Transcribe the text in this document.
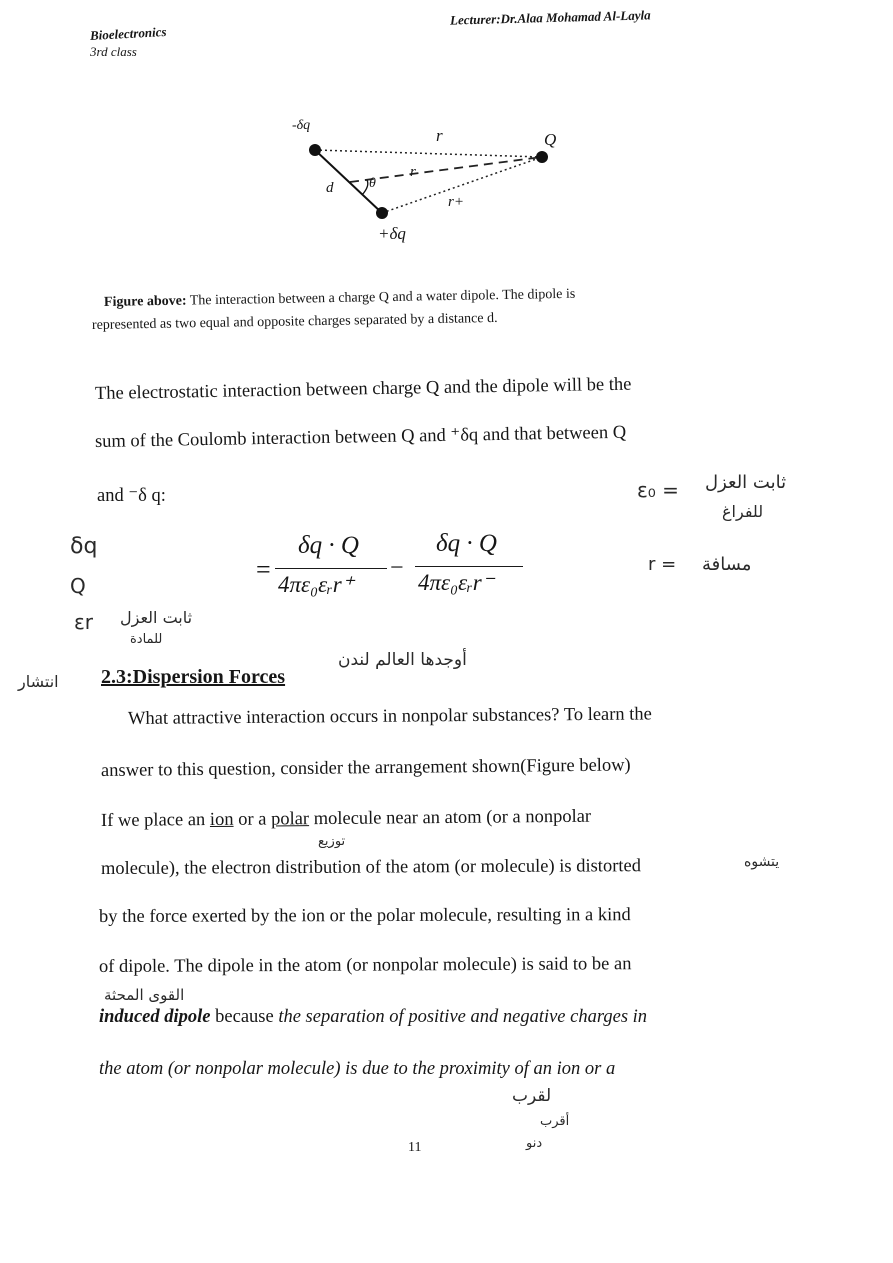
Bioelectronics
3rd class
Lecturer:Dr.Alaa Mohamad Al-Layla
-δq
+δq
Q
r
r
r+
d	θ
Figure above: The interaction between a charge Q and a water dipole. The dipole is
represented as two equal and opposite charges separated by a distance d.
The electrostatic interaction between charge Q and the dipole will be the
sum of the Coulomb interaction between Q and ⁺δq and that between Q
and ⁻δ q:
=
δq · Q
4πε₀εᵣr⁺
−
δq · Q
4πε₀εᵣr⁻
ε₀ = ثابت العزل
للفراغ
r = مسافة
δq
Q
εr ثابت العزل
للمادة
انتشار
أوجدها العالم لندن
توزيع
يتشوه
القوى المحثة
لقرب
أقرب
دنو
2.3:Dispersion Forces
What attractive interaction occurs in nonpolar substances? To learn the
answer to this question, consider the arrangement shown(Figure below)
If we place an ion or a polar molecule near an atom (or a nonpolar
molecule), the electron distribution of the atom (or molecule) is distorted
by the force exerted by the ion or the polar molecule, resulting in a kind
of dipole. The dipole in the atom (or nonpolar molecule) is said to be an
induced dipole because the separation of positive and negative charges in
the atom (or nonpolar molecule) is due to the proximity of an ion or a
11
